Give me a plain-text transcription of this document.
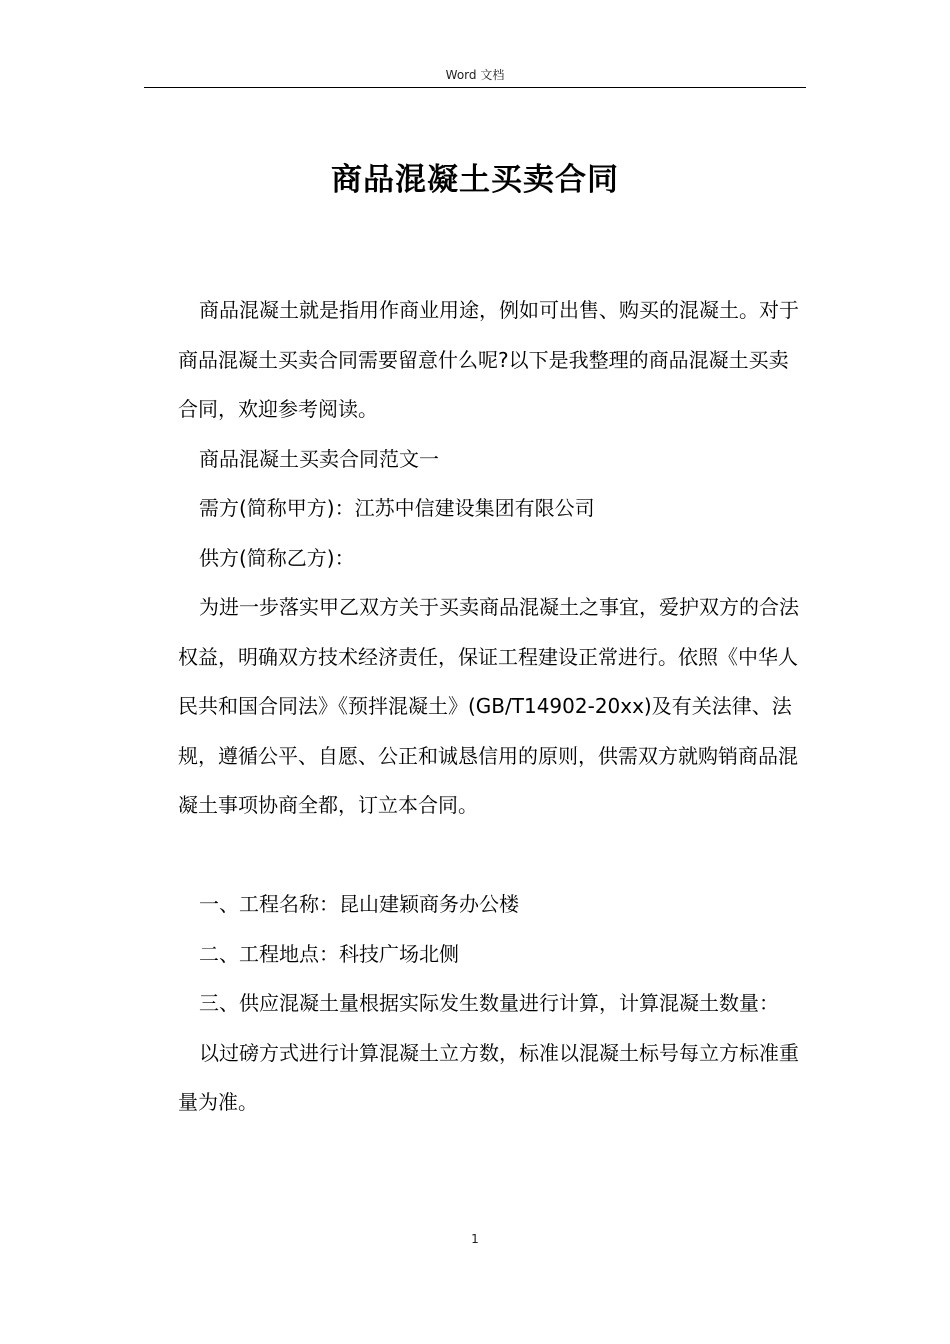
Word 文档
商品混凝土买卖合同

商品混凝土就是指用作商业用途，例如可出售、购买的混凝土。对于商品混凝土买卖合同需要留意什么呢?以下是我整理的商品混凝土买卖合同，欢迎参考阅读。

商品混凝土买卖合同范文一

需方(简称甲方)：江苏中信建设集团有限公司

供方(简称乙方)：

为进一步落实甲乙双方关于买卖商品混凝土之事宜，爱护双方的合法权益，明确双方技术经济责任，保证工程建设正常进行。依照《中华人民共和国合同法》《预拌混凝土》(GB/T14902-20xx)及有关法律、法规，遵循公平、自愿、公正和诚恳信用的原则，供需双方就购销商品混凝土事项协商全都，订立本合同。

一、工程名称：昆山建颖商务办公楼

二、工程地点：科技广场北侧

三、供应混凝土量根据实际发生数量进行计算，计算混凝土数量：

以过磅方式进行计算混凝土立方数，标准以混凝土标号每立方标准重量为准。

1
